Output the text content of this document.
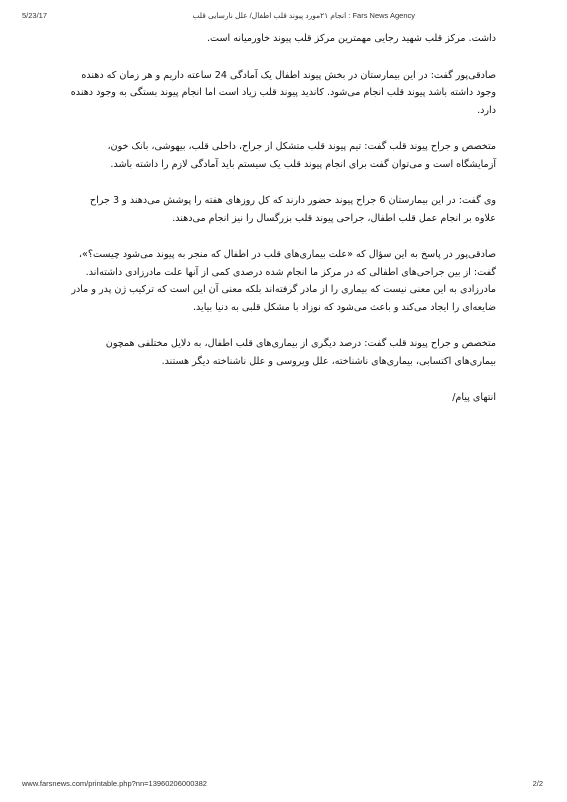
5/23/17	Fars News Agency : انجام ۲۱مورد پیوند قلب اطفال/ علل نارسایی قلب

داشت. مرکز قلب شهید رجایی مهمترین مرکز قلب پیوند خاورمیانه است.

صادقی‌پور گفت: در این بیمارستان در بخش پیوند اطفال یک آمادگی 24 ساعته داریم و هر زمان که دهنده وجود داشته باشد پیوند قلب انجام می‌شود. کاندید پیوند قلب زیاد است اما انجام پیوند بستگی به وجود دهنده دارد.

متخصص و جراح پیوند قلب گفت: تیم پیوند قلب متشکل از جراح، داخلی قلب، بیهوشی، بانک خون، آزمایشگاه است و می‌توان گفت برای انجام پیوند قلب یک سیستم باید آمادگی لازم را داشته باشد.

وی گفت: در این بیمارستان 6 جراح پیوند حضور دارند که کل روزهای هفته را پوشش می‌دهند و 3 جراح علاوه بر انجام عمل قلب اطفال، جراحی پیوند قلب بزرگسال را نیز انجام می‌دهند.

صادقی‌پور در پاسخ به این سؤال که «علت بیماری‌های قلب در اطفال که منجر به پیوند می‌شود چیست؟»، گفت: از بین جراحی‌های اطفالی که در مرکز ما انجام شده درصدی کمی از آنها علت مادرزادی داشته‌اند. مادرزادی به این معنی نیست که بیماری را از مادر گرفته‌اند بلکه معنی آن این است که ترکیب ژن پدر و مادر ضایعه‌ای را ایجاد می‌کند و باعث می‌شود که نوزاد با مشکل قلبی به دنیا بیاید.

متخصص و جراح پیوند قلب گفت: درصد دیگری از بیماری‌های قلب اطفال، به دلایل مختلفی همچون بیماری‌های اکتسابی، بیماری‌های ناشناخته، علل ویروسی و علل ناشناخته دیگر هستند.

انتهای پیام/

www.farsnews.com/printable.php?nn=13960206000382	2/2
